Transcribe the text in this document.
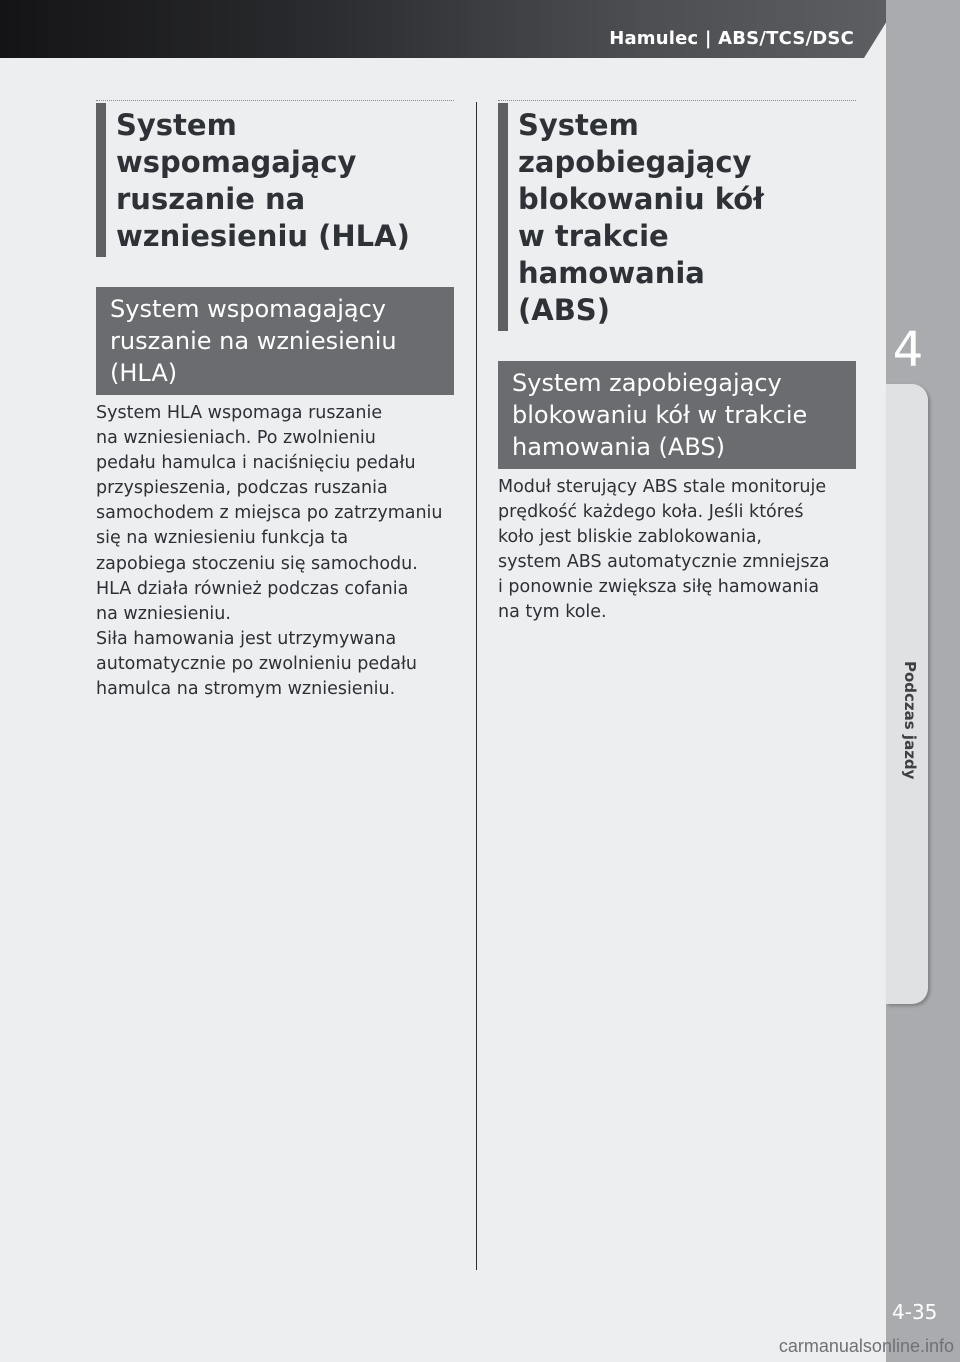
Hamulec | ABS/TCS/DSC
4
Podczas jazdy
4-35
carmanualsonline.info
System wspomagający
ruszanie na
wzniesieniu (HLA)
System wspomagający
ruszanie na wzniesieniu
(HLA)
System HLA wspomaga ruszanie
na wzniesieniach. Po zwolnieniu
pedału hamulca i naciśnięciu pedału
przyspieszenia, podczas ruszania
samochodem z miejsca po zatrzymaniu
się na wzniesieniu funkcja ta
zapobiega stoczeniu się samochodu.
HLA działa również podczas cofania
na wzniesieniu.
Siła hamowania jest utrzymywana
automatycznie po zwolnieniu pedału
hamulca na stromym wzniesieniu.
System zapobiegający
blokowaniu kół
w trakcie hamowania
(ABS)
System zapobiegający
blokowaniu kół w trakcie
hamowania (ABS)
Moduł sterujący ABS stale monitoruje
prędkość każdego koła. Jeśli któreś
koło jest bliskie zablokowania,
system ABS automatycznie zmniejsza
i ponownie zwiększa siłę hamowania
na tym kole.
